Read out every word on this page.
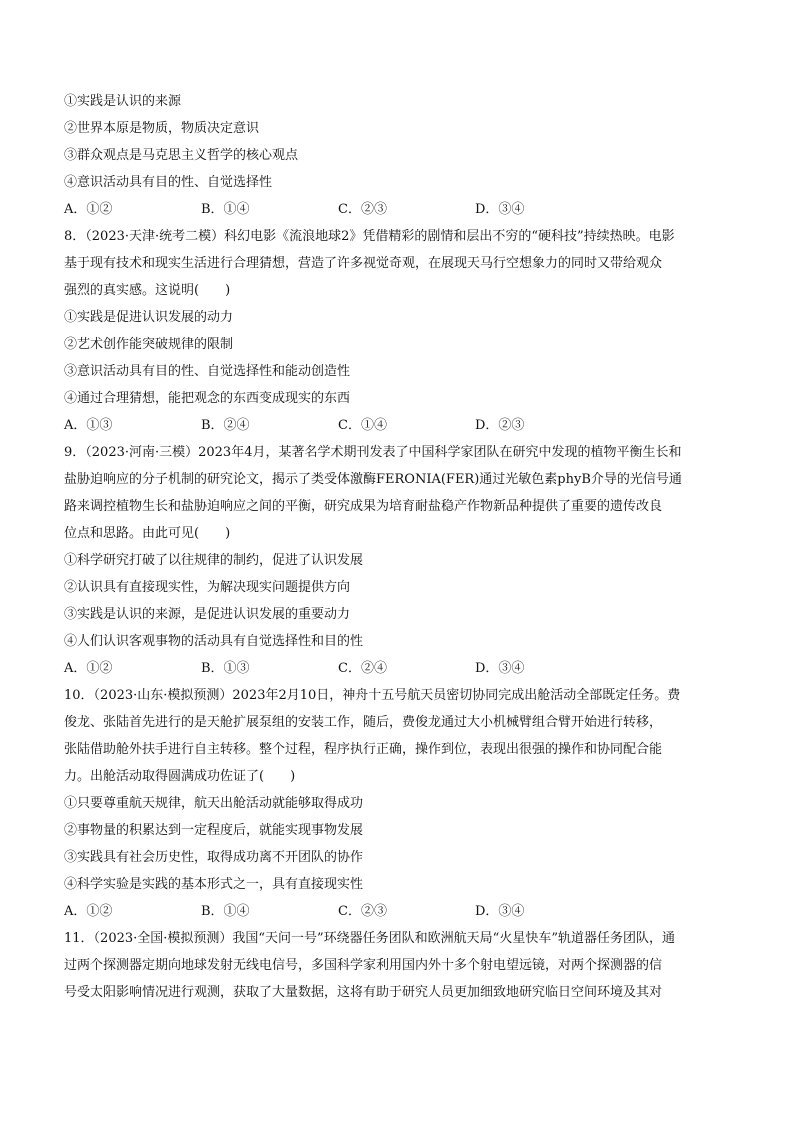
①实践是认识的来源
②世界本原是物质，物质决定意识
③群众观点是马克思主义哲学的核心观点
④意识活动具有目的性、自觉选择性
A．①②	B．①④	C．②③	D．③④
8．（2023·天津·统考二模）科幻电影《流浪地球2》凭借精彩的剧情和层出不穷的“硬科技”持续热映。电影
基于现有技术和现实生活进行合理猜想，营造了许多视觉奇观，在展现天马行空想象力的同时又带给观众
强烈的真实感。这说明(　　)
①实践是促进认识发展的动力
②艺术创作能突破规律的限制
③意识活动具有目的性、自觉选择性和能动创造性
④通过合理猜想，能把观念的东西变成现实的东西
A．①③	B．②④	C．①④	D．②③
9．（2023·河南·三模）2023年4月，某著名学术期刊发表了中国科学家团队在研究中发现的植物平衡生长和
盐胁迫响应的分子机制的研究论文，揭示了类受体激酶FERONIA(FER)通过光敏色素phyB介导的光信号通
路来调控植物生长和盐胁迫响应之间的平衡，研究成果为培育耐盐稳产作物新品种提供了重要的遗传改良
位点和思路。由此可见(　　)
①科学研究打破了以往规律的制约，促进了认识发展
②认识具有直接现实性，为解决现实问题提供方向
③实践是认识的来源，是促进认识发展的重要动力
④人们认识客观事物的活动具有自觉选择性和目的性
A．①②	B．①③	C．②④	D．③④
10．（2023·山东·模拟预测）2023年2月10日，神舟十五号航天员密切协同完成出舱活动全部既定任务。费
俊龙、张陆首先进行的是天舱扩展泵组的安装工作，随后，费俊龙通过大小机械臂组合臂开始进行转移，
张陆借助舱外扶手进行自主转移。整个过程，程序执行正确，操作到位，表现出很强的操作和协同配合能
力。出舱活动取得圆满成功佐证了(　　)
①只要尊重航天规律，航天出舱活动就能够取得成功
②事物量的积累达到一定程度后，就能实现事物发展
③实践具有社会历史性，取得成功离不开团队的协作
④科学实验是实践的基本形式之一，具有直接现实性
A．①②	B．①④	C．②③	D．③④
11．（2023·全国·模拟预测）我国“天问一号”环绕器任务团队和欧洲航天局“火星快车”轨道器任务团队，通
过两个探测器定期向地球发射无线电信号，多国科学家利用国内外十多个射电望远镜，对两个探测器的信
号受太阳影响情况进行观测，获取了大量数据，这将有助于研究人员更加细致地研究临日空间环境及其对
